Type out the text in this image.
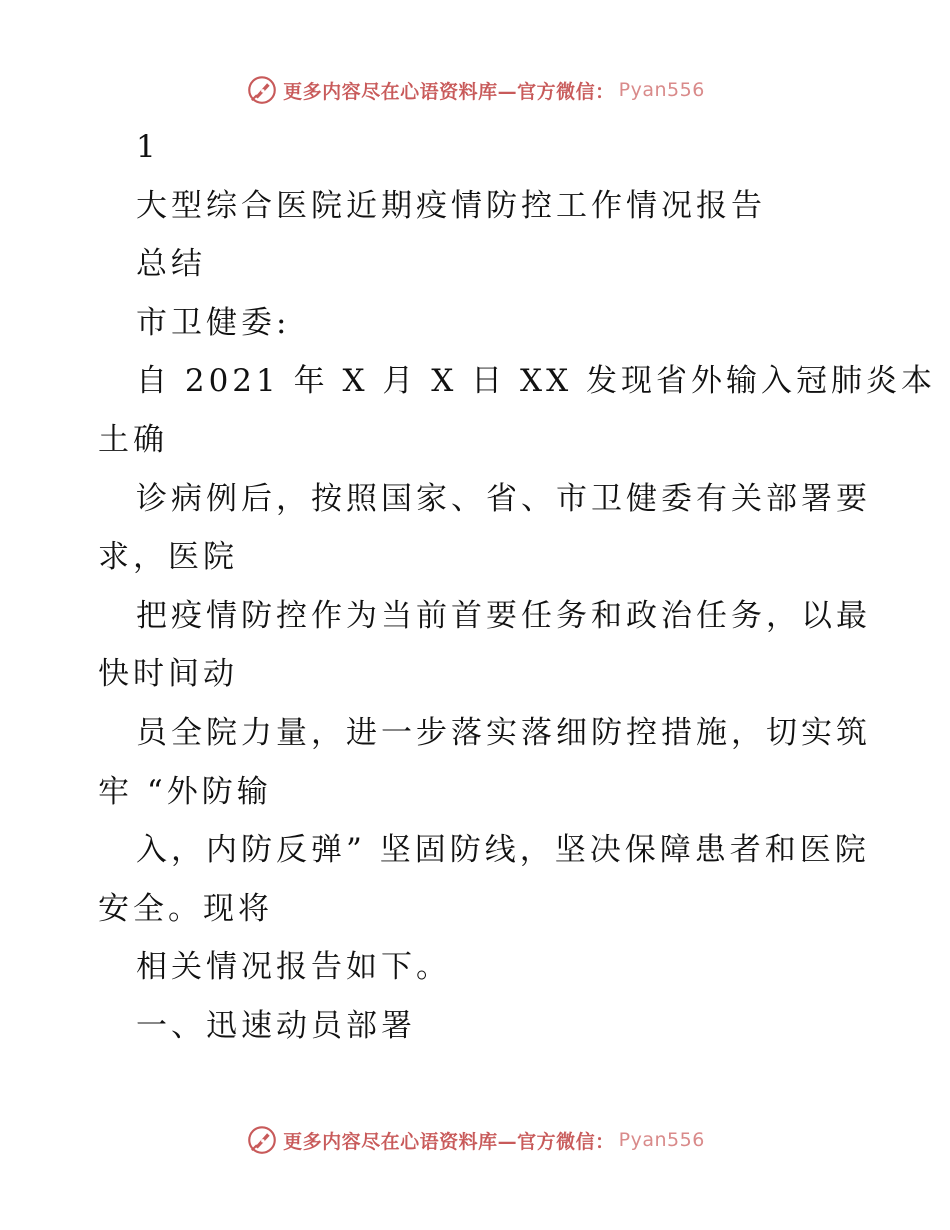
更多内容尽在心语资料库—官方微信： Pyan556

1

大型综合医院近期疫情防控工作情况报告

总结

市卫健委:

自 2021 年 X 月 X 日 XX 发现省外输入冠肺炎本

土确

诊病例后，按照国家、省、市卫健委有关部署要

求，医院

把疫情防控作为当前首要任务和政治任务，以最

快时间动

员全院力量，进一步落实落细防控措施，切实筑

牢 “外防输

入，内防反弹” 坚固防线，坚决保障患者和医院

安全。现将

相关情况报告如下。

一、迅速动员部署

更多内容尽在心语资料库—官方微信： Pyan556
